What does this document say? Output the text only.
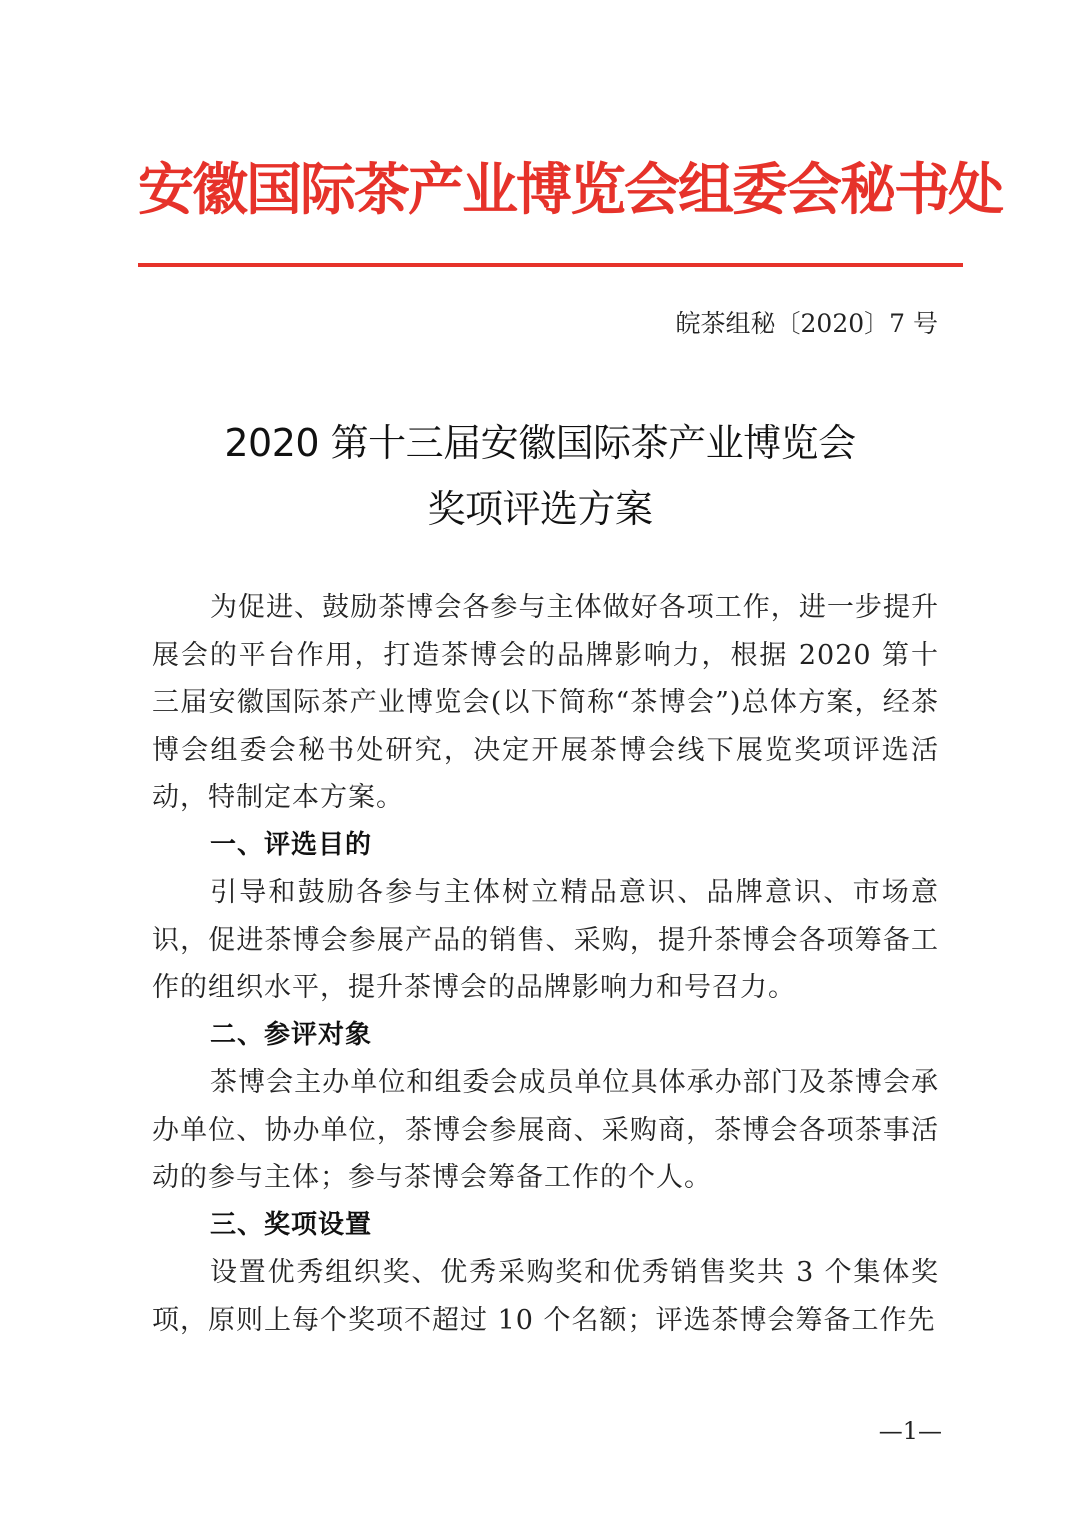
安徽国际茶产业博览会组委会秘书处
皖茶组秘〔2020〕7 号
2020 第十三届安徽国际茶产业博览会
奖项评选方案

为促进、鼓励茶博会各参与主体做好各项工作，进一步提升展会的平台作用，打造茶博会的品牌影响力，根据 2020 第十三届安徽国际茶产业博览会(以下简称“茶博会”)总体方案，经茶博会组委会秘书处研究，决定开展茶博会线下展览奖项评选活动，特制定本方案。

一、评选目的

引导和鼓励各参与主体树立精品意识、品牌意识、市场意识，促进茶博会参展产品的销售、采购，提升茶博会各项筹备工作的组织水平，提升茶博会的品牌影响力和号召力。

二、参评对象

茶博会主办单位和组委会成员单位具体承办部门及茶博会承办单位、协办单位，茶博会参展商、采购商，茶博会各项茶事活动的参与主体；参与茶博会筹备工作的个人。

三、奖项设置

设置优秀组织奖、优秀采购奖和优秀销售奖共 3 个集体奖项，原则上每个奖项不超过 10 个名额；评选茶博会筹备工作先

—1—
